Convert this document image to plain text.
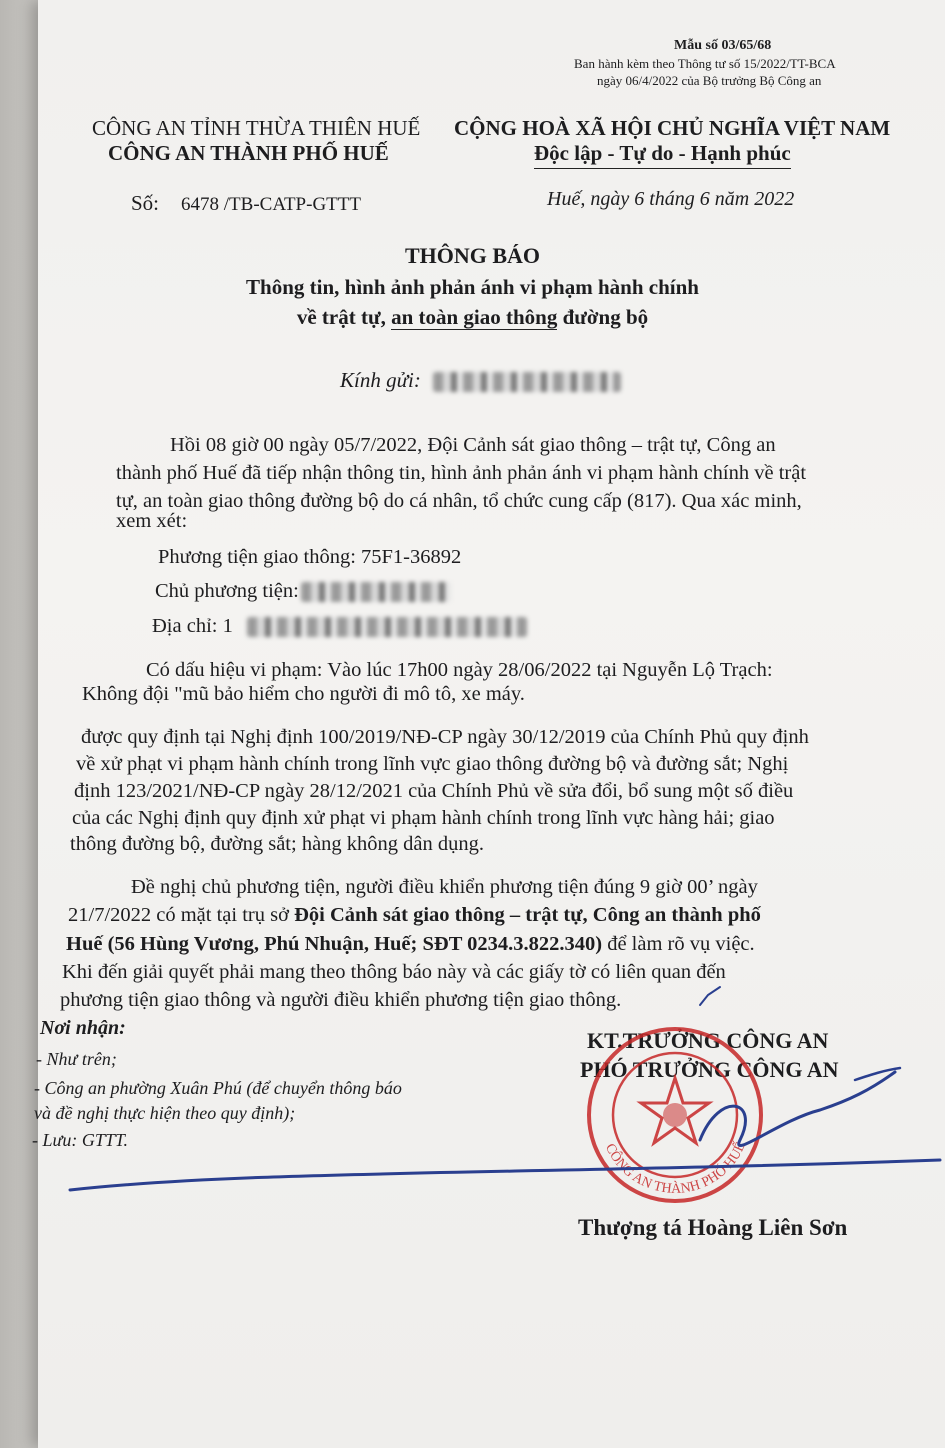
Mẫu số 03/65/68
Ban hành kèm theo Thông tư số 15/2022/TT-BCA
ngày 06/4/2022 của Bộ trưởng Bộ Công an
CÔNG AN TỈNH THỪA THIÊN HUẾ
CÔNG AN THÀNH PHỐ HUẾ
CỘNG HOÀ XÃ HỘI CHỦ NGHĨA VIỆT NAM
Độc lập - Tự do - Hạnh phúc
Số: 6478 /TB-CATP-GTTT	Huế, ngày 6 tháng 6 năm 2022
THÔNG BÁO
Thông tin, hình ảnh phản ánh vi phạm hành chính
về trật tự, an toàn giao thông đường bộ
Kính gửi:
Hồi 08 giờ 00 ngày 05/7/2022, Đội Cảnh sát giao thông – trật tự, Công an
thành phố Huế đã tiếp nhận thông tin, hình ảnh phản ánh vi phạm hành chính về trật
tự, an toàn giao thông đường bộ do cá nhân, tổ chức cung cấp (817). Qua xác minh,
xem xét:
Phương tiện giao thông: 75F1-36892
Chủ phương tiện:
Địa chỉ: 1
Có dấu hiệu vi phạm: Vào lúc 17h00 ngày 28/06/2022 tại Nguyễn Lộ Trạch:
Không đội "mũ bảo hiểm cho người đi mô tô, xe máy.
được quy định tại Nghị định 100/2019/NĐ-CP ngày 30/12/2019 của Chính Phủ quy định
về xử phạt vi phạm hành chính trong lĩnh vực giao thông đường bộ và đường sắt; Nghị
định 123/2021/NĐ-CP ngày 28/12/2021 của Chính Phủ về sửa đổi, bổ sung một số điều
của các Nghị định quy định xử phạt vi phạm hành chính trong lĩnh vực hàng hải; giao
thông đường bộ, đường sắt; hàng không dân dụng.
Đề nghị chủ phương tiện, người điều khiển phương tiện đúng 9 giờ 00’ ngày
21/7/2022 có mặt tại trụ sở Đội Cảnh sát giao thông – trật tự, Công an thành phố
Huế (56 Hùng Vương, Phú Nhuận, Huế; SĐT 0234.3.822.340) để làm rõ vụ việc.
Khi đến giải quyết phải mang theo thông báo này và các giấy tờ có liên quan đến
phương tiện giao thông và người điều khiển phương tiện giao thông.
Nơi nhận:
- Như trên;
- Công an phường Xuân Phú (để chuyển thông báo
và đề nghị thực hiện theo quy định);
- Lưu: GTTT.
KT.TRƯỞNG CÔNG AN
PHÓ TRƯỞNG CÔNG AN
Thượng tá Hoàng Liên Sơn
CÔNG AN THÀNH PHỐ HUẾ
